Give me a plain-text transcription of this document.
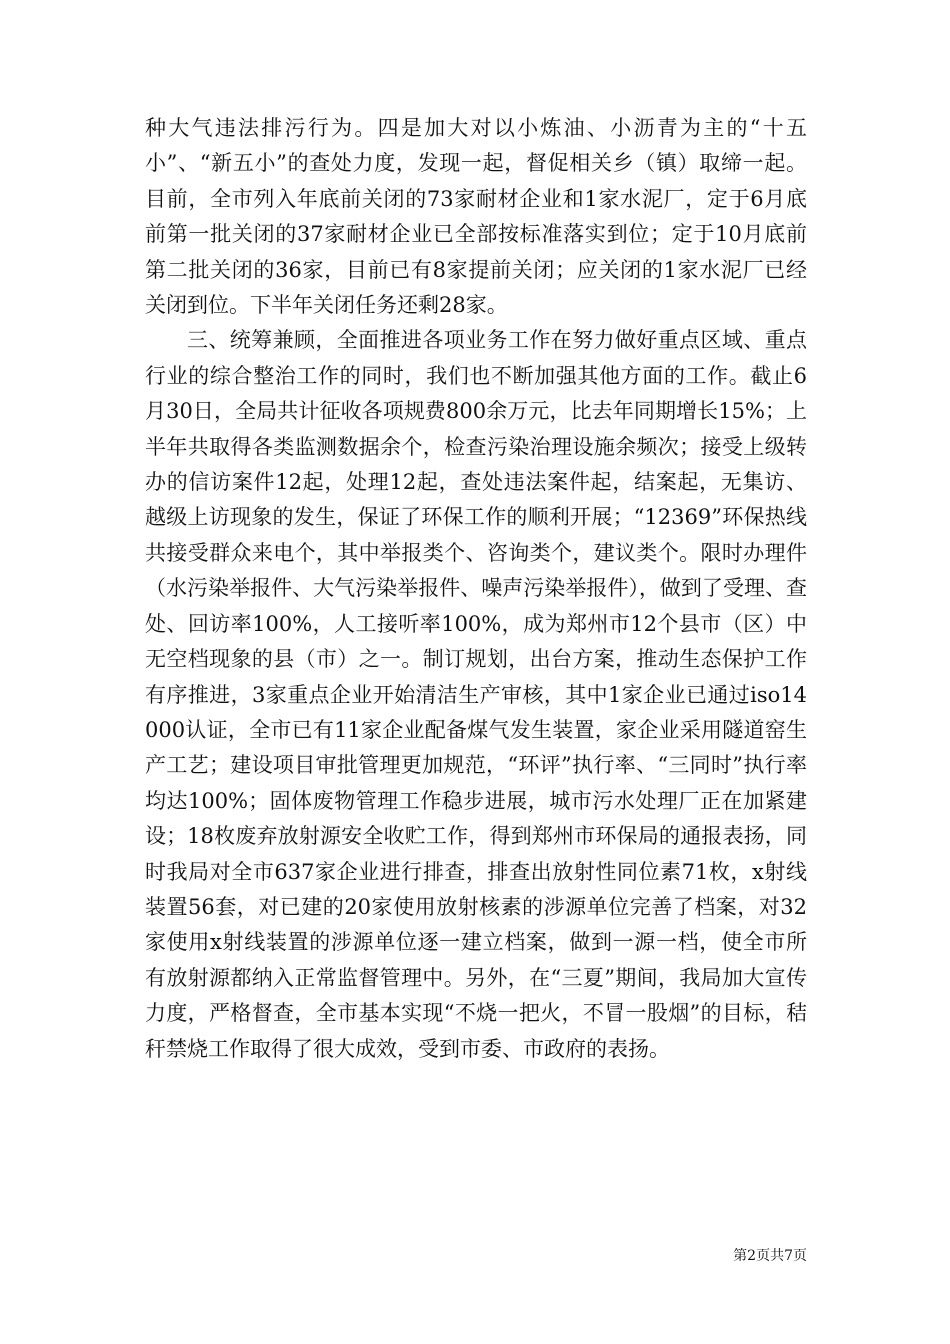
种大气违法排污行为。四是加大对以小炼油、小沥青为主的“十五小”、“新五小”的查处力度，发现一起，督促相关乡（镇）取缔一起。目前，全市列入年底前关闭的73家耐材企业和1家水泥厂，定于6月底前第一批关闭的37家耐材企业已全部按标准落实到位；定于10月底前第二批关闭的36家，目前已有8家提前关闭；应关闭的1家水泥厂已经关闭到位。下半年关闭任务还剩28家。

三、统筹兼顾，全面推进各项业务工作在努力做好重点区域、重点行业的综合整治工作的同时，我们也不断加强其他方面的工作。截止6月30日，全局共计征收各项规费800余万元，比去年同期增长15%；上半年共取得各类监测数据余个，检查污染治理设施余频次；接受上级转办的信访案件12起，处理12起，查处违法案件起，结案起，无集访、越级上访现象的发生，保证了环保工作的顺利开展；“12369”环保热线共接受群众来电个，其中举报类个、咨询类个，建议类个。限时办理件（水污染举报件、大气污染举报件、噪声污染举报件），做到了受理、查处、回访率100%，人工接听率100%，成为郑州市12个县市（区）中无空档现象的县（市）之一。制订规划，出台方案，推动生态保护工作有序推进，3家重点企业开始清洁生产审核，其中1家企业已通过iso14000认证，全市已有11家企业配备煤气发生装置，家企业采用隧道窑生产工艺；建设项目审批管理更加规范，“环评”执行率、“三同时”执行率均达100%；固体废物管理工作稳步进展，城市污水处理厂正在加紧建设；18枚废弃放射源安全收贮工作，得到郑州市环保局的通报表扬，同时我局对全市637家企业进行排查，排查出放射性同位素71枚，x射线装置56套，对已建的20家使用放射核素的涉源单位完善了档案，对32家使用x射线装置的涉源单位逐一建立档案，做到一源一档，使全市所有放射源都纳入正常监督管理中。另外，在“三夏”期间，我局加大宣传力度，严格督查，全市基本实现“不烧一把火，不冒一股烟”的目标，秸秆禁烧工作取得了很大成效，受到市委、市政府的表扬。

第2页共7页
